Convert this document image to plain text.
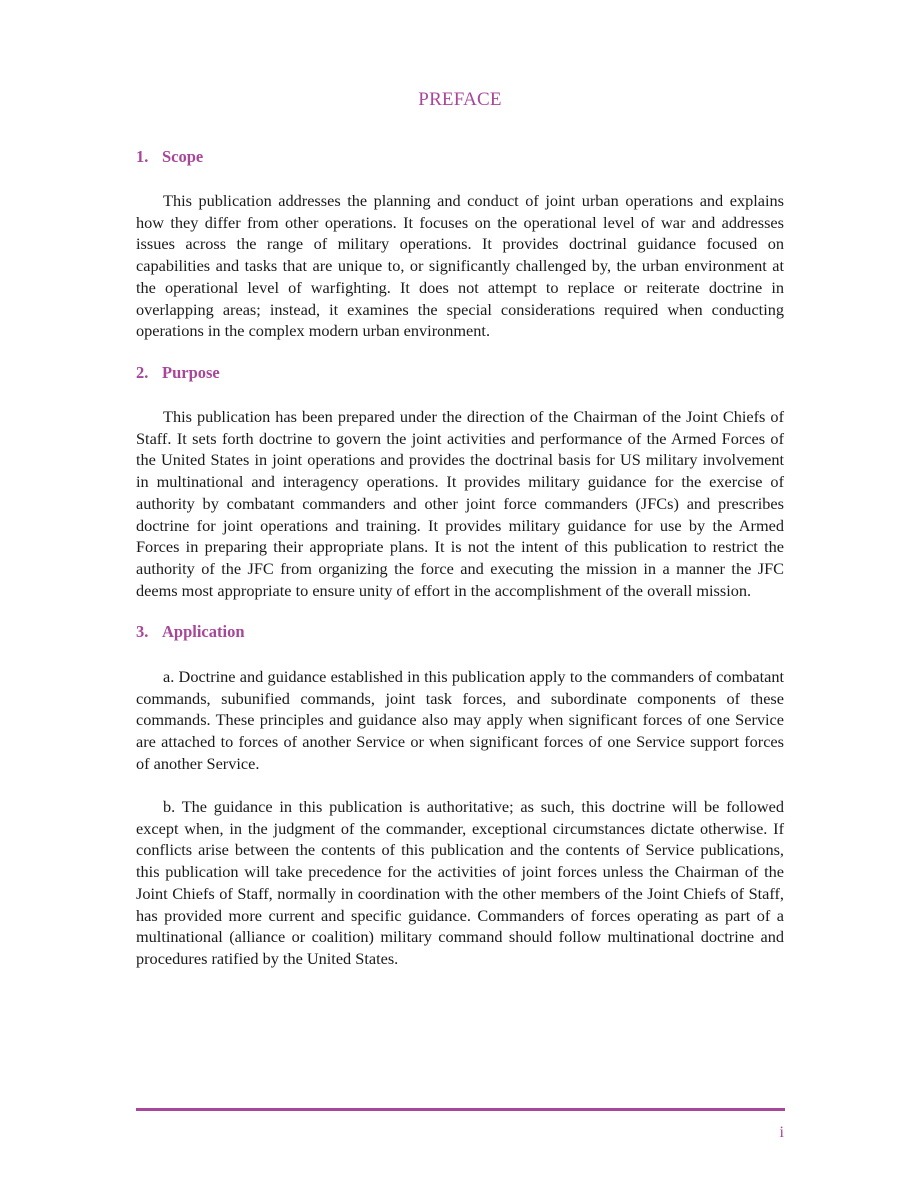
PREFACE
1. Scope

This publication addresses the planning and conduct of joint urban operations and explains how they differ from other operations. It focuses on the operational level of war and addresses issues across the range of military operations. It provides doctrinal guidance focused on capabilities and tasks that are unique to, or significantly challenged by, the urban environment at the operational level of warfighting. It does not attempt to replace or reiterate doctrine in overlapping areas; instead, it examines the special considerations required when conducting operations in the complex modern urban environment.

2. Purpose

This publication has been prepared under the direction of the Chairman of the Joint Chiefs of Staff. It sets forth doctrine to govern the joint activities and performance of the Armed Forces of the United States in joint operations and provides the doctrinal basis for US military involvement in multinational and interagency operations. It provides military guidance for the exercise of authority by combatant commanders and other joint force commanders (JFCs) and prescribes doctrine for joint operations and training. It provides military guidance for use by the Armed Forces in preparing their appropriate plans. It is not the intent of this publication to restrict the authority of the JFC from organizing the force and executing the mission in a manner the JFC deems most appropriate to ensure unity of effort in the accomplishment of the overall mission.

3. Application

a. Doctrine and guidance established in this publication apply to the commanders of combatant commands, subunified commands, joint task forces, and subordinate components of these commands. These principles and guidance also may apply when significant forces of one Service are attached to forces of another Service or when significant forces of one Service support forces of another Service.

b. The guidance in this publication is authoritative; as such, this doctrine will be followed except when, in the judgment of the commander, exceptional circumstances dictate otherwise. If conflicts arise between the contents of this publication and the contents of Service publications, this publication will take precedence for the activities of joint forces unless the Chairman of the Joint Chiefs of Staff, normally in coordination with the other members of the Joint Chiefs of Staff, has provided more current and specific guidance. Commanders of forces operating as part of a multinational (alliance or coalition) military command should follow multinational doctrine and procedures ratified by the United States.

i
